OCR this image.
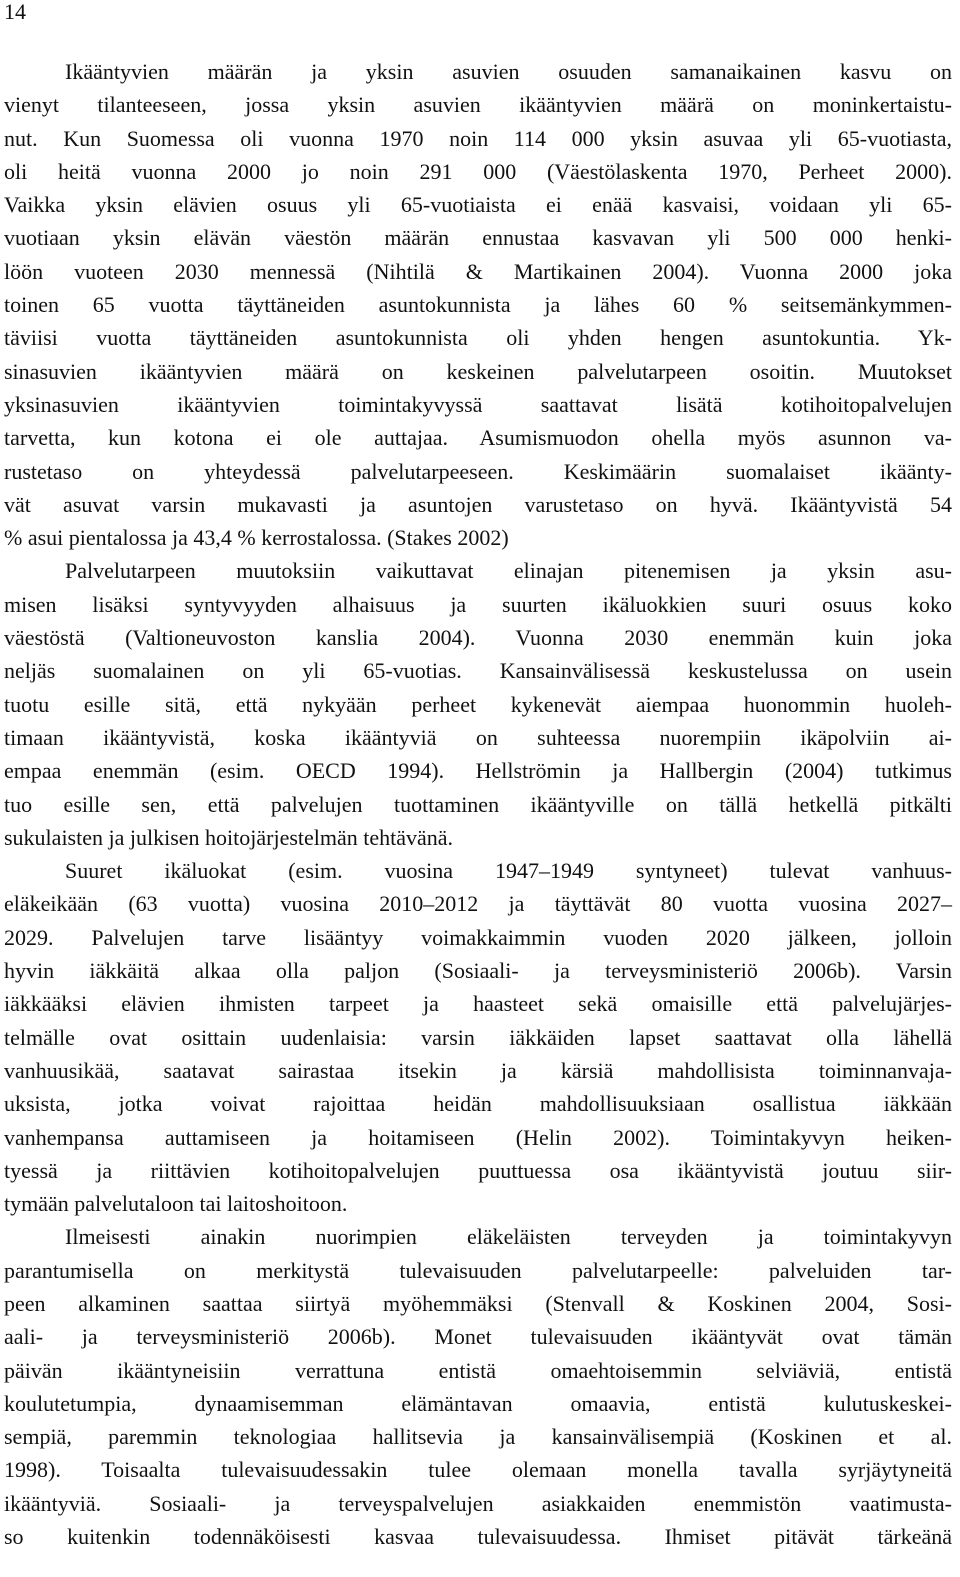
14
Ikääntyvien määrän ja yksin asuvien osuuden samanaikainen kasvu on
vienyt tilanteeseen, jossa yksin asuvien ikääntyvien määrä on moninkertaistu-
nut. Kun Suomessa oli vuonna 1970 noin 114 000 yksin asuvaa yli 65-vuotiasta,
oli heitä vuonna 2000 jo noin 291 000 (Väestölaskenta 1970, Perheet 2000).
Vaikka yksin elävien osuus yli 65-vuotiaista ei enää kasvaisi, voidaan yli 65-
vuotiaan yksin elävän väestön määrän ennustaa kasvavan yli 500 000 henki-
löön vuoteen 2030 mennessä (Nihtilä & Martikainen 2004). Vuonna 2000 joka
toinen 65 vuotta täyttäneiden asuntokunnista ja lähes 60 % seitsemänkymmen-
täviisi vuotta täyttäneiden asuntokunnista oli yhden hengen asuntokuntia. Yk-
sinasuvien ikääntyvien määrä on keskeinen palvelutarpeen osoitin. Muutokset
yksinasuvien ikääntyvien toimintakyvyssä saattavat lisätä kotihoitopalvelujen
tarvetta, kun kotona ei ole auttajaa. Asumismuodon ohella myös asunnon va-
rustetaso on yhteydessä palvelutarpeeseen. Keskimäärin suomalaiset ikäänty-
vät asuvat varsin mukavasti ja asuntojen varustetaso on hyvä. Ikääntyvistä 54
% asui pientalossa ja 43,4 % kerrostalossa. (Stakes 2002)
Palvelutarpeen muutoksiin vaikuttavat elinajan pitenemisen ja yksin asu-
misen lisäksi syntyvyyden alhaisuus ja suurten ikäluokkien suuri osuus koko
väestöstä (Valtioneuvoston kanslia 2004). Vuonna 2030 enemmän kuin joka
neljäs suomalainen on yli 65-vuotias. Kansainvälisessä keskustelussa on usein
tuotu esille sitä, että nykyään perheet kykenevät aiempaa huonommin huoleh-
timaan ikääntyvistä, koska ikääntyviä on suhteessa nuorempiin ikäpolviin ai-
empaa enemmän (esim. OECD 1994). Hellströmin ja Hallbergin (2004) tutkimus
tuo esille sen, että palvelujen tuottaminen ikääntyville on tällä hetkellä pitkälti
sukulaisten ja julkisen hoitojärjestelmän tehtävänä.
Suuret ikäluokat (esim. vuosina 1947–1949 syntyneet) tulevat vanhuus-
eläkeikään (63 vuotta) vuosina 2010–2012 ja täyttävät 80 vuotta vuosina 2027–
2029. Palvelujen tarve lisääntyy voimakkaimmin vuoden 2020 jälkeen, jolloin
hyvin iäkkäitä alkaa olla paljon (Sosiaali- ja terveysministeriö 2006b). Varsin
iäkkääksi elävien ihmisten tarpeet ja haasteet sekä omaisille että palvelujärjes-
telmälle ovat osittain uudenlaisia: varsin iäkkäiden lapset saattavat olla lähellä
vanhuusikää, saatavat sairastaa itsekin ja kärsiä mahdollisista toiminnanvaja-
uksista, jotka voivat rajoittaa heidän mahdollisuuksiaan osallistua iäkkään
vanhempansa auttamiseen ja hoitamiseen (Helin 2002). Toimintakyvyn heiken-
tyessä ja riittävien kotihoitopalvelujen puuttuessa osa ikääntyvistä joutuu siir-
tymään palvelutaloon tai laitoshoitoon.
Ilmeisesti ainakin nuorimpien eläkeläisten terveyden ja toimintakyvyn
parantumisella on merkitystä tulevaisuuden palvelutarpeelle: palveluiden tar-
peen alkaminen saattaa siirtyä myöhemmäksi (Stenvall & Koskinen 2004, Sosi-
aali- ja terveysministeriö 2006b). Monet tulevaisuuden ikääntyvät ovat tämän
päivän ikääntyneisiin verrattuna entistä omaehtoisemmin selviäviä, entistä
koulutetumpia, dynaamisemman elämäntavan omaavia, entistä kulutuskeskei-
sempiä, paremmin teknologiaa hallitsevia ja kansainvälisempiä (Koskinen et al.
1998). Toisaalta tulevaisuudessakin tulee olemaan monella tavalla syrjäytyneitä
ikääntyviä. Sosiaali- ja terveyspalvelujen asiakkaiden enemmistön vaatimusta-
so kuitenkin todennäköisesti kasvaa tulevaisuudessa. Ihmiset pitävät tärkeänä
